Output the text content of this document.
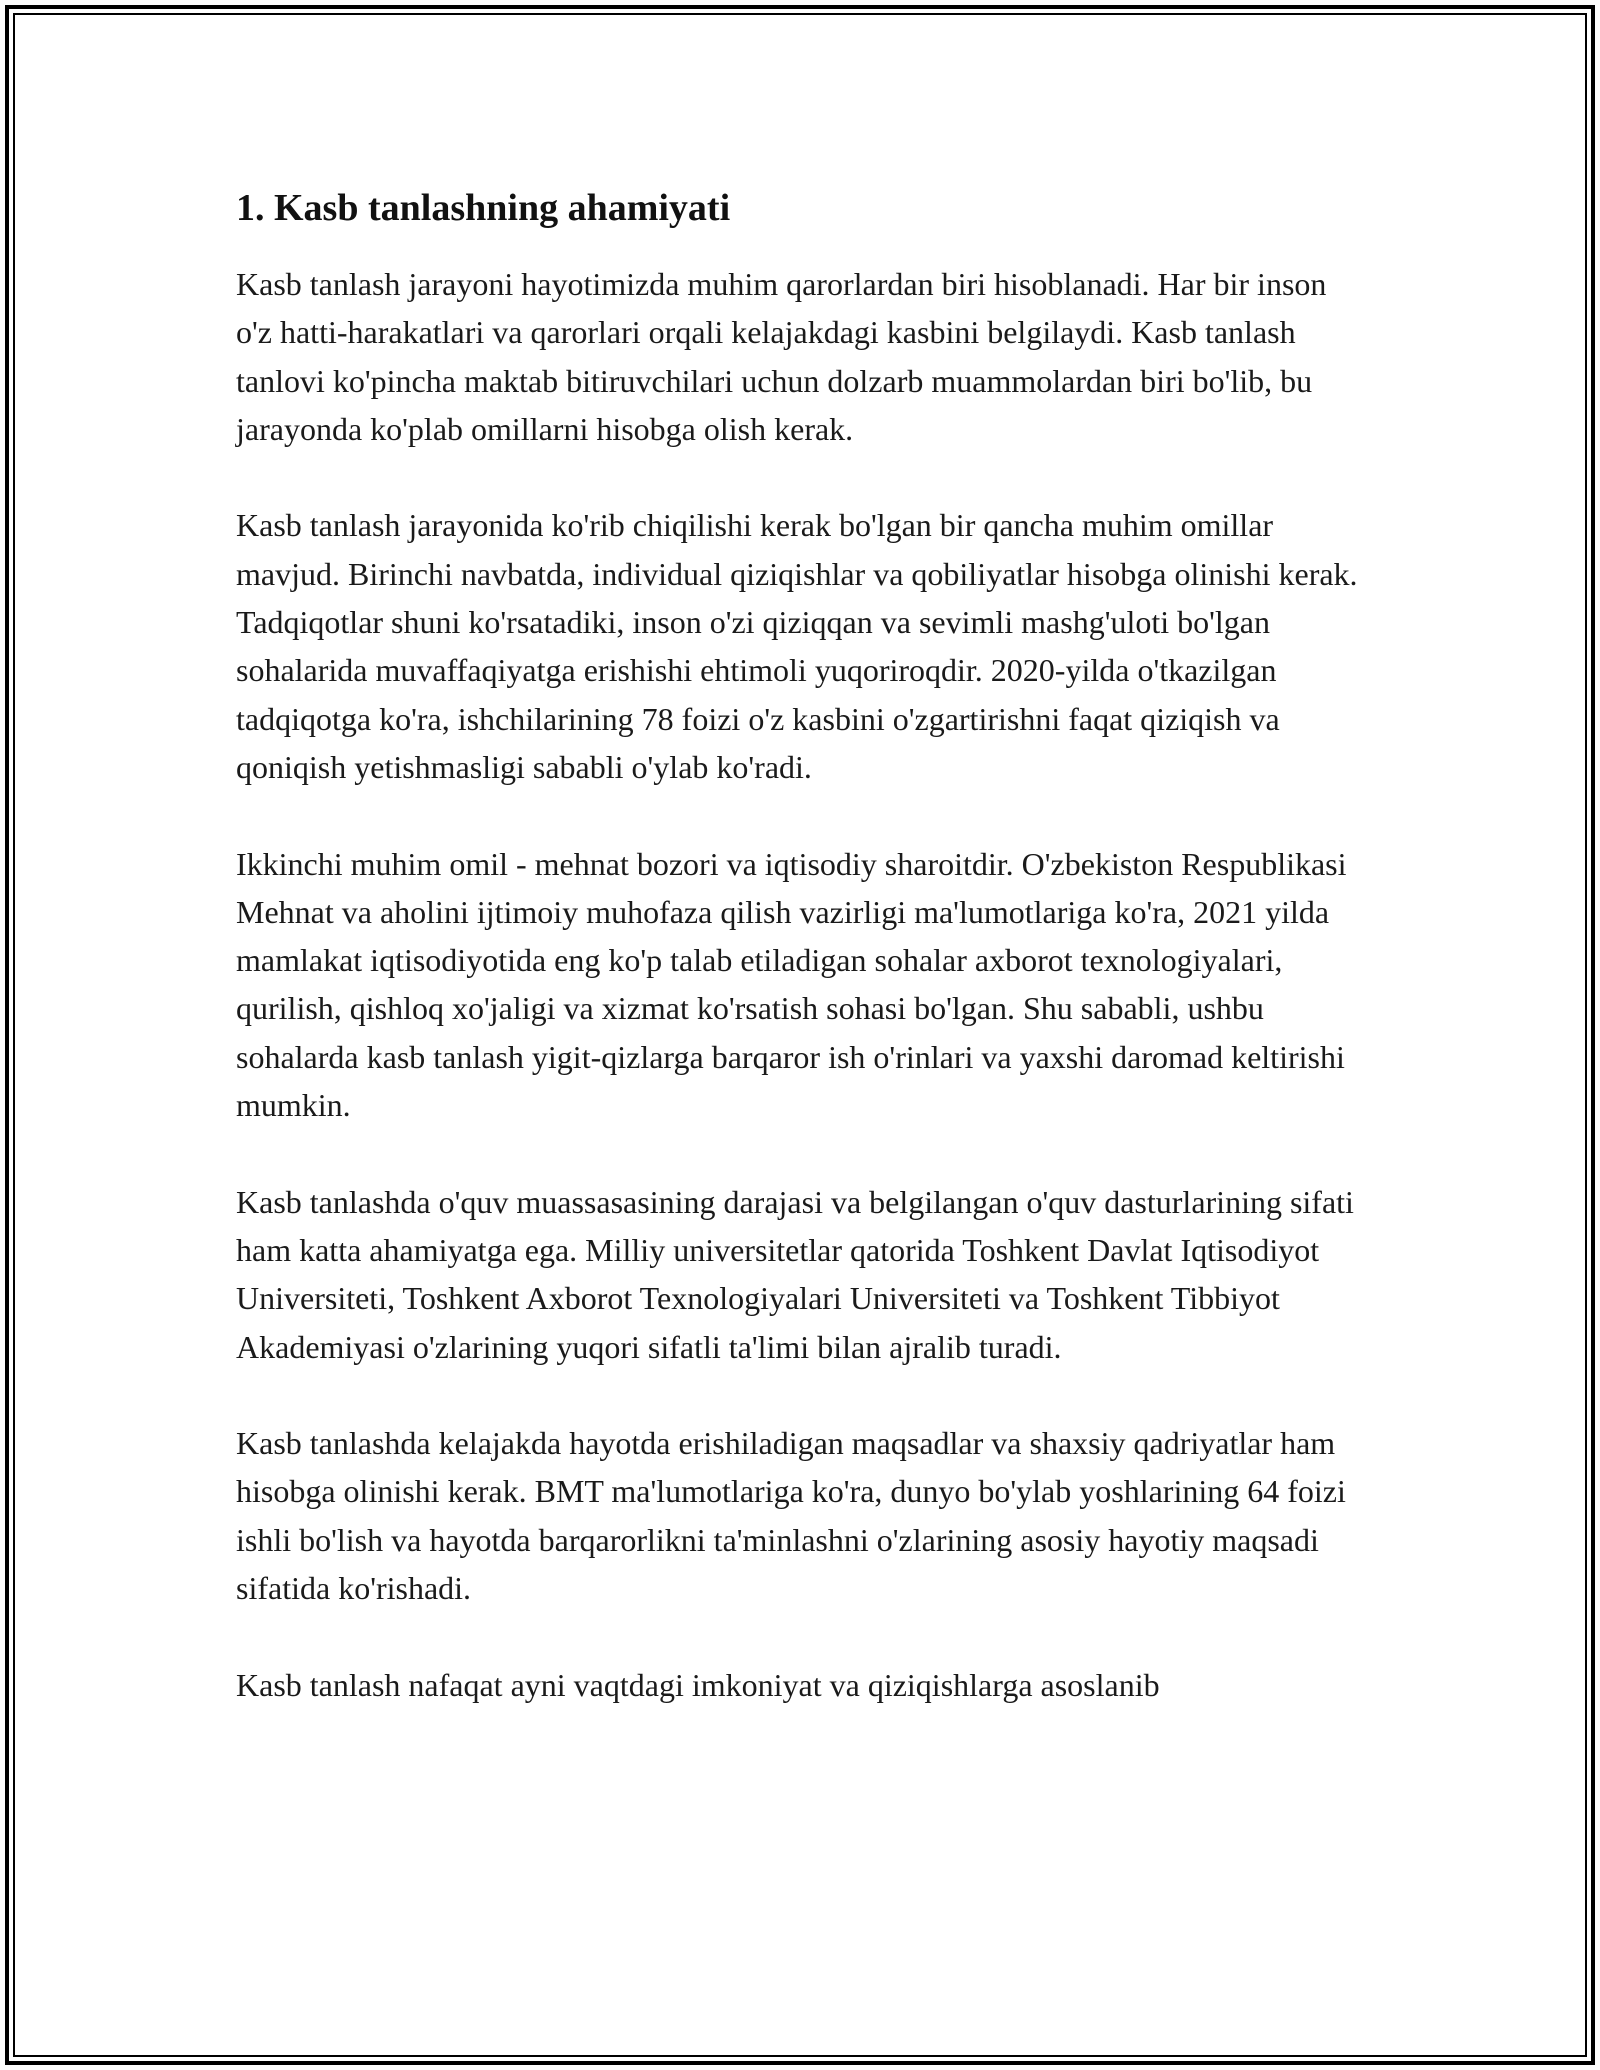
1. Kasb tanlashning ahamiyati

Kasb tanlash jarayoni hayotimizda muhim qarorlardan biri hisoblanadi. Har bir inson o'z hatti-harakatlari va qarorlari orqali kelajakdagi kasbini belgilaydi. Kasb tanlash tanlovi ko'pincha maktab bitiruvchilari uchun dolzarb muammolardan biri bo'lib, bu jarayonda ko'plab omillarni hisobga olish kerak.

Kasb tanlash jarayonida ko'rib chiqilishi kerak bo'lgan bir qancha muhim omillar mavjud. Birinchi navbatda, individual qiziqishlar va qobiliyatlar hisobga olinishi kerak. Tadqiqotlar shuni ko'rsatadiki, inson o'zi qiziqqan va sevimli mashg'uloti bo'lgan sohalarida muvaffaqiyatga erishishi ehtimoli yuqoriroqdir. 2020-yilda o'tkazilgan tadqiqotga ko'ra, ishchilarining 78 foizi o'z kasbini o'zgartirishni faqat qiziqish va qoniqish yetishmasligi sababli o'ylab ko'radi.

Ikkinchi muhim omil - mehnat bozori va iqtisodiy sharoitdir. O'zbekiston Respublikasi Mehnat va aholini ijtimoiy muhofaza qilish vazirligi ma'lumotlariga ko'ra, 2021 yilda mamlakat iqtisodiyotida eng ko'p talab etiladigan sohalar axborot texnologiyalari, qurilish, qishloq xo'jaligi va xizmat ko'rsatish sohasi bo'lgan. Shu sababli, ushbu sohalarda kasb tanlash yigit-qizlarga barqaror ish o'rinlari va yaxshi daromad keltirishi mumkin.

Kasb tanlashda o'quv muassasasining darajasi va belgilangan o'quv dasturlarining sifati ham katta ahamiyatga ega. Milliy universitetlar qatorida Toshkent Davlat Iqtisodiyot Universiteti, Toshkent Axborot Texnologiyalari Universiteti va Toshkent Tibbiyot Akademiyasi o'zlarining yuqori sifatli ta'limi bilan ajralib turadi.

Kasb tanlashda kelajakda hayotda erishiladigan maqsadlar va shaxsiy qadriyatlar ham hisobga olinishi kerak. BMT ma'lumotlariga ko'ra, dunyo bo'ylab yoshlarining 64 foizi ishli bo'lish va hayotda barqarorlikni ta'minlashni o'zlarining asosiy hayotiy maqsadi sifatida ko'rishadi.

Kasb tanlash nafaqat ayni vaqtdagi imkoniyat va qiziqishlarga asoslanib
